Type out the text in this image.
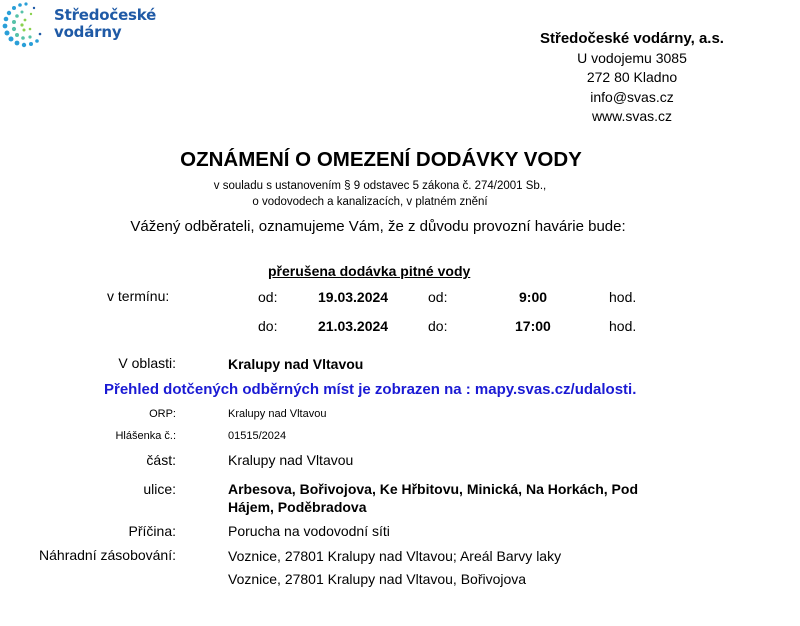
Středočeské
vodárny	Středočeské vodárny, a.s.
U vodojemu 3085
272 80 Kladno
info@svas.cz
www.svas.cz
OZNÁMENÍ O OMEZENÍ DODÁVKY VODY
v souladu s ustanovením § 9 odstavec 5 zákona č. 274/2001 Sb.,
o vodovodech a kanalizacích, v platném znění
Vážený odběrateli, oznamujeme Vám, že z důvodu provozní havárie bude:
přerušena dodávka pitné vody
v termínu:	od:	19.03.2024	od:	9:00	hod.
do:	21.03.2024	do:	17:00	hod.
V oblasti:	Kralupy nad Vltavou
Přehled dotčených odběrných míst je zobrazen na : mapy.svas.cz/udalosti.
ORP:	Kralupy nad Vltavou
Hlášenka č.:	01515/2024
část:	Kralupy nad Vltavou
ulice:	Arbesova, Bořivojova, Ke Hřbitovu, Minická, Na Horkách, Pod
Hájem, Poděbradova
Příčina:	Porucha na vodovodní síti
Náhradní zásobování:	Voznice, 27801 Kralupy nad Vltavou; Areál Barvy laky
Voznice, 27801 Kralupy nad Vltavou, Bořivojova
